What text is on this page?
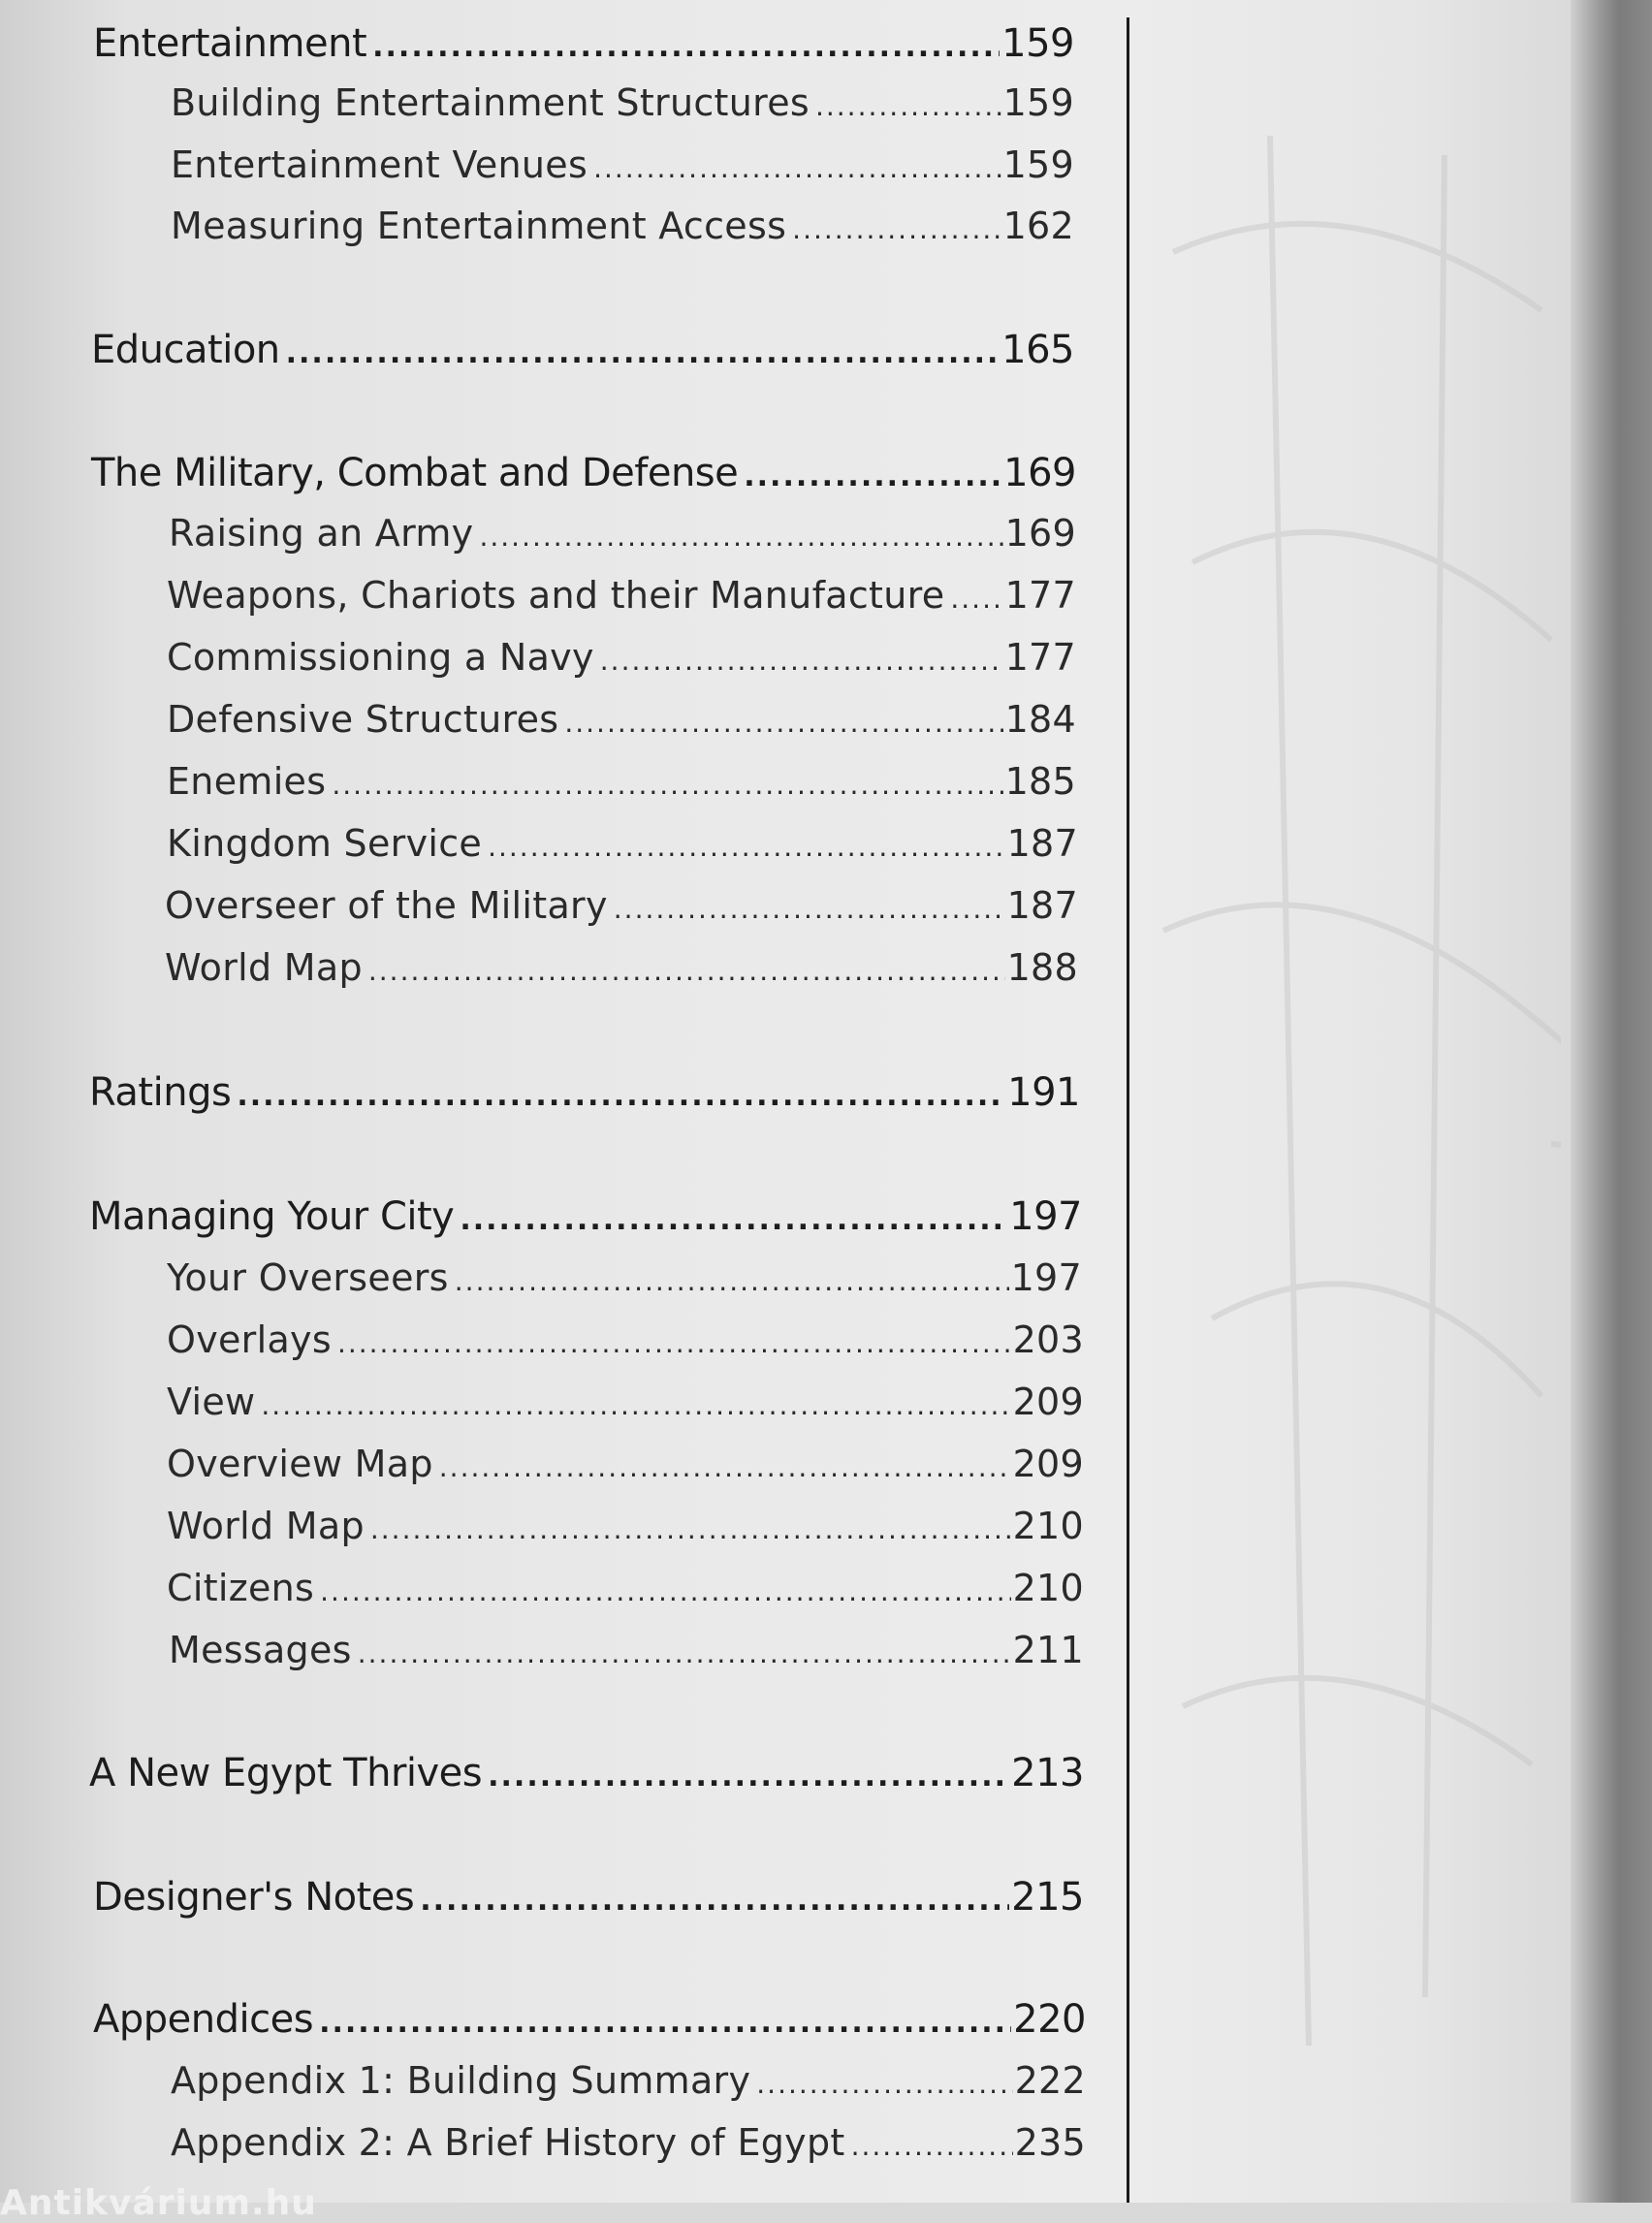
Entertainment .....	159
Building Entertainment Structures .....	159
Entertainment Venues .....	159
Measuring Entertainment Access .....	162
Education .....	165
The Military, Combat and Defense .....	169
Raising an Army .....	169
Weapons, Chariots and their Manufacture ..... 177
Commissioning a Navy .....	177
Defensive Structures .....	184
Enemies .....	185
Kingdom Service .....	187
Overseer of the Military .....	187
World Map .....	188
Ratings .....	191
Managing Your City .....	197
Your Overseers .....	197
Overlays .....	203
View .....	209
Overview Map .....	209
World Map .....	210
Citizens .....	210
Messages .....	211
A New Egypt Thrives .....	213
Designer's Notes .....	215
Appendices .....	220
Appendix 1: Building Summary .....	222
Appendix 2: A Brief History of Egypt .....	235
Antikvárium.hu
